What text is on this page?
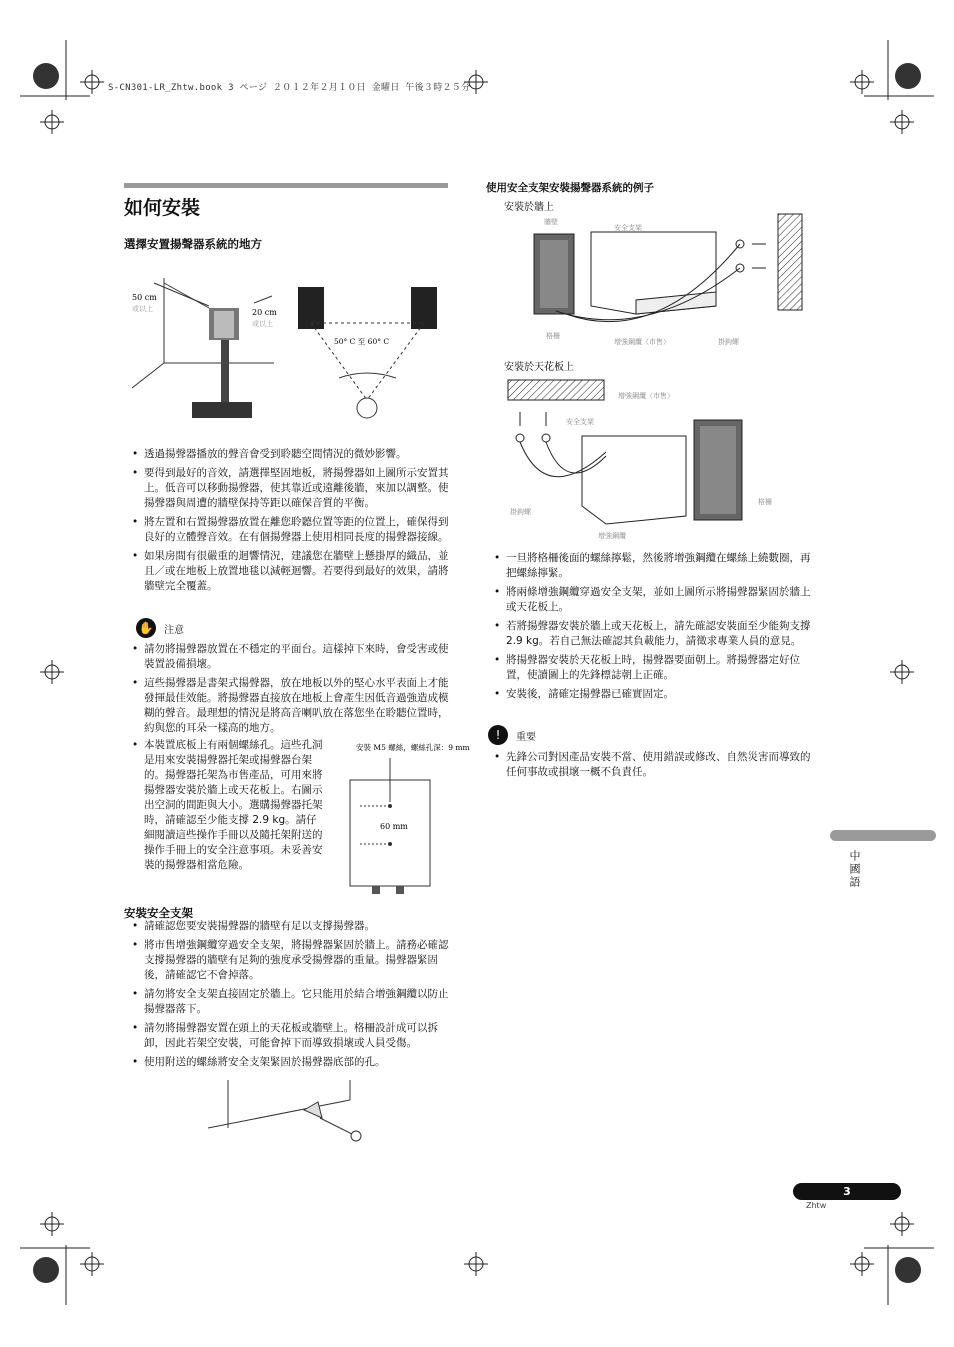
S-CN301-LR_Zhtw.book 3 ページ ２０１２年２月１０日 金曜日 午後３時２５分
如何安裝
選擇安置揚聲器系統的地方
50 cm
或以上	20 cm
或以上
50° C 至 60° C
• 透過揚聲器播放的聲音會受到聆聽空間情況的微妙影響。
• 要得到最好的音效，請選擇堅固地板，將揚聲器如上圖所示安置其上。低音可以移動揚聲器，使其靠近或遠離後牆，來加以調整。使揚聲器與周遭的牆壁保持等距以確保音質的平衡。
• 將左置和右置揚聲器放置在離您聆聽位置等距的位置上，確保得到良好的立體聲音效。在有個揚聲器上使用相同長度的揚聲器接線。
• 如果房間有很嚴重的迴響情況，建議您在牆壁上懸掛厚的織品，並且／或在地板上放置地毯以減輕迴響。若要得到最好的效果，請將牆壁完全覆蓋。
✋ 注意
• 請勿將揚聲器放置在不穩定的平面台。這樣掉下來時，會受害或使裝置設備損壞。
• 這些揚聲器是書架式揚聲器，放在地板以外的堅心水平表面上才能發揮最佳效能。將揚聲器直接放在地板上會產生因低音過強造成模糊的聲音。最理想的情況是將高音喇叭放在落您坐在聆聽位置時，約與您的耳朵一樣高的地方。
• 本裝置底板上有兩個螺絲孔。這些孔洞是用來安裝揚聲器托架或揚聲器台架的。揚聲器托架為市售產品，可用來將揚聲器安裝於牆上或天花板上。右圖示出空洞的間距與大小。選購揚聲器托架時，請確認至少能支撐 2.9 kg。請仔細閱讀這些操作手冊以及隨托架附送的操作手冊上的安全注意事項。未妥善安裝的揚聲器相當危險。
安裝 M5 螺絲，螺絲孔深：9 mm
60 mm
安裝安全支架
• 請確認您要安裝揚聲器的牆壁有足以支撐揚聲器。
• 將市售增強鋼纜穿過安全支架，將揚聲器緊固於牆上。請務必確認支撐揚聲器的牆壁有足夠的強度承受揚聲器的重量。揚聲器緊固後，請確認它不會掉落。
• 請勿將安全支架直接固定於牆上。它只能用於結合增強鋼纜以防止揚聲器落下。
• 請勿將揚聲器安置在頭上的天花板或牆壁上。格柵設計成可以拆卸，因此若架空安裝，可能會掉下而導致損壞或人員受傷。
• 使用附送的螺絲將安全支架緊固於揚聲器底部的孔。
使用安全支架安裝揚聲器系統的例子
安裝於牆上
牆壁
安全支架
格柵
增強鋼纜（市售）	掛鉤螺
安裝於天花板上
增強鋼纜（市售）
安全支架
格柵
掛鉤螺
增強鋼纜
• 一旦將格柵後面的螺絲擰鬆，然後將增強鋼纜在螺絲上繞數圈，再把螺絲擰緊。
• 將兩條增強鋼纜穿過安全支架，並如上圖所示將揚聲器緊固於牆上或天花板上。
• 若將揚聲器安裝於牆上或天花板上，請先確認安裝面至少能夠支撐 2.9 kg。若自己無法確認其負載能力，請徵求專業人員的意見。
• 將揚聲器安裝於天花板上時，揚聲器要面朝上。將揚聲器定好位置，使讀圖上的先鋒標誌朝上正確。
• 安裝後，請確定揚聲器已確實固定。
!	重要
• 先鋒公司對因產品安裝不當、使用錯誤或修改、自然災害而導致的任何事故或損壞一概不負責任。
中國語
3
Zhtw
